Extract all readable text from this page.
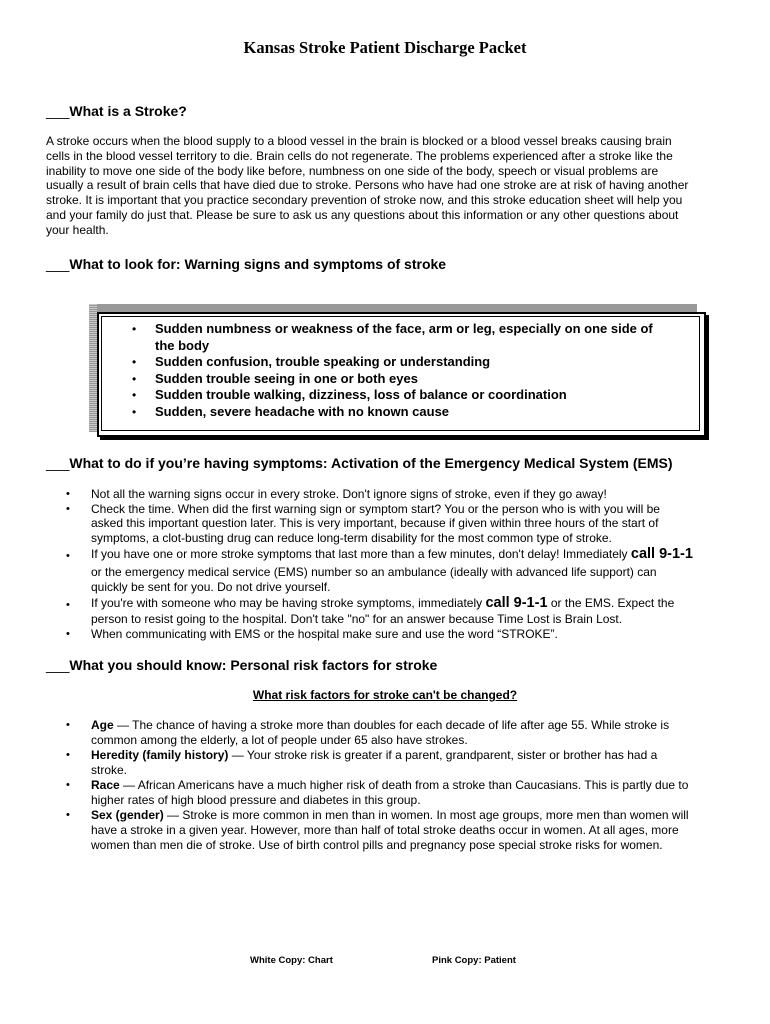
Kansas Stroke Patient Discharge Packet
___What is a Stroke?
A stroke occurs when the blood supply to a blood vessel in the brain is blocked or a blood vessel breaks causing brain
cells in the blood vessel territory to die. Brain cells do not regenerate. The problems experienced after a stroke like the
inability to move one side of the body like before, numbness on one side of the body, speech or visual problems are
usually a result of brain cells that have died due to stroke. Persons who have had one stroke are at risk of having another
stroke. It is important that you practice secondary prevention of stroke now, and this stroke education sheet will help you
and your family do just that. Please be sure to ask us any questions about this information or any other questions about
your health.
___What to look for: Warning signs and symptoms of stroke
• Sudden numbness or weakness of the face, arm or leg, especially on one side of
the body
• Sudden confusion, trouble speaking or understanding
• Sudden trouble seeing in one or both eyes
• Sudden trouble walking, dizziness, loss of balance or coordination
• Sudden, severe headache with no known cause
___What to do if you’re having symptoms: Activation of the Emergency Medical System (EMS)
• Not all the warning signs occur in every stroke. Don't ignore signs of stroke, even if they go away!
• Check the time. When did the first warning sign or symptom start? You or the person who is with you will be
asked this important question later. This is very important, because if given within three hours of the start of
symptoms, a clot-busting drug can reduce long-term disability for the most common type of stroke.
• If you have one or more stroke symptoms that last more than a few minutes, don't delay! Immediately call 9-1-1
or the emergency medical service (EMS) number so an ambulance (ideally with advanced life support) can
quickly be sent for you. Do not drive yourself.
• If you're with someone who may be having stroke symptoms, immediately call 9-1-1 or the EMS. Expect the
person to resist going to the hospital. Don't take "no" for an answer because Time Lost is Brain Lost.
• When communicating with EMS or the hospital make sure and use the word “STROKE”.
___What you should know: Personal risk factors for stroke
What risk factors for stroke can't be changed?
• Age — The chance of having a stroke more than doubles for each decade of life after age 55. While stroke is
common among the elderly, a lot of people under 65 also have strokes.
• Heredity (family history) — Your stroke risk is greater if a parent, grandparent, sister or brother has had a
stroke.
• Race — African Americans have a much higher risk of death from a stroke than Caucasians. This is partly due to
higher rates of high blood pressure and diabetes in this group.
• Sex (gender) — Stroke is more common in men than in women. In most age groups, more men than women will
have a stroke in a given year. However, more than half of total stroke deaths occur in women. At all ages, more
women than men die of stroke. Use of birth control pills and pregnancy pose special stroke risks for women.
White Copy: Chart	Pink Copy: Patient
